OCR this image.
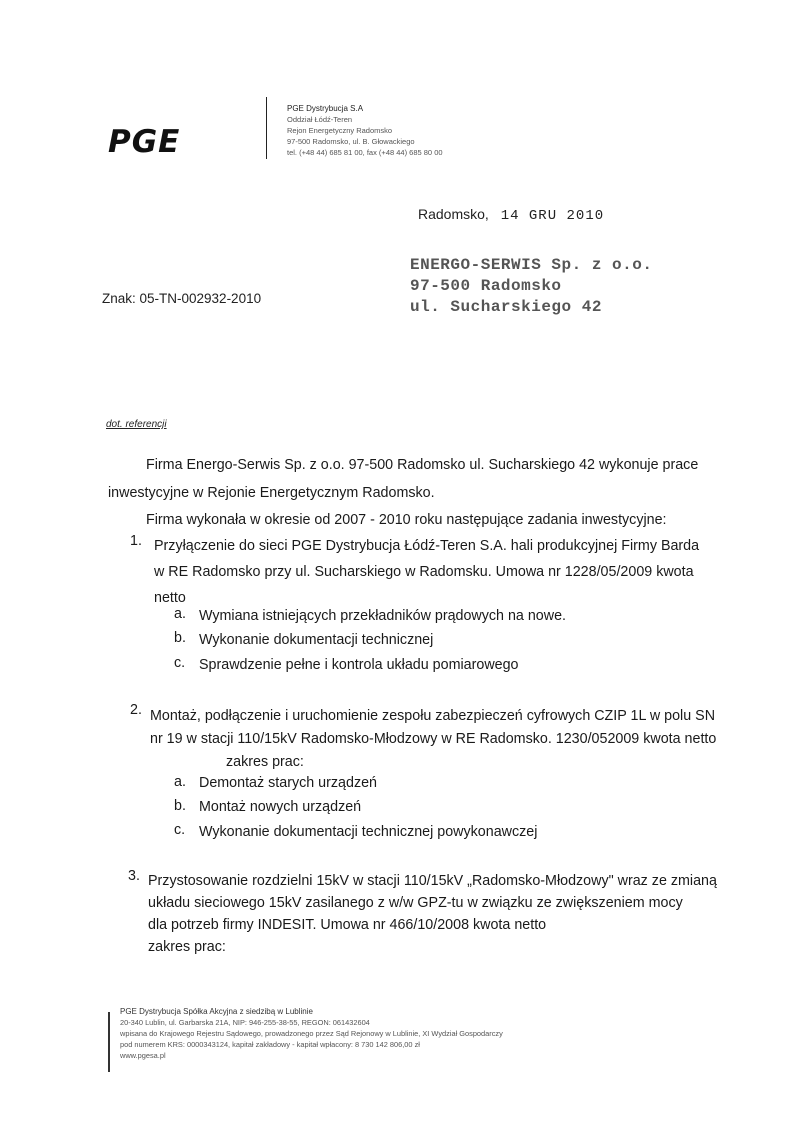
PGE
PGE Dystrybucja S.A
Oddział Łódź-Teren
Rejon Energetyczny Radomsko
97-500 Radomsko, ul. B. Głowackiego
tel. (+48 44) 685 81 00, fax (+48 44) 685 80 00
Radomsko, 14 GRU 2010
ENERGO-SERWIS Sp. z o.o.
97-500 Radomsko
ul. Sucharskiego 42
Znak: 05-TN-002932-2010
dot. referencji
Firma Energo-Serwis Sp. z o.o. 97-500 Radomsko ul. Sucharskiego 42 wykonuje prace
inwestycyjne w Rejonie Energetycznym Radomsko.
Firma wykonała w okresie od 2007 - 2010 roku następujące zadania inwestycyjne:
1. Przyłączenie do sieci PGE Dystrybucja Łódź-Teren S.A. hali produkcyjnej Firmy Barda
w RE Radomsko przy ul. Sucharskiego w Radomsku. Umowa nr 1228/05/2009 kwota
netto
a. Wymiana istniejących przekładników prądowych na nowe.
b. Wykonanie dokumentacji technicznej
c. Sprawdzenie pełne i kontrola układu pomiarowego
2. Montaż, podłączenie i uruchomienie zespołu zabezpieczeń cyfrowych CZIP 1L w polu SN
nr 19 w stacji 110/15kV Radomsko-Młodzowy w RE Radomsko. 1230/052009 kwota netto
zakres prac:
a. Demontaż starych urządzeń
b. Montaż nowych urządzeń
c. Wykonanie dokumentacji technicznej powykonawczej
3. Przystosowanie rozdzielni 15kV w stacji 110/15kV „Radomsko-Młodzowy" wraz ze zmianą
układu sieciowego 15kV zasilanego z w/w GPZ-tu w związku ze zwiększeniem mocy
dla potrzeb firmy INDESIT. Umowa nr 466/10/2008 kwota netto
zakres prac:
PGE Dystrybucja Spółka Akcyjna z siedzibą w Lublinie
20-340 Lublin, ul. Garbarska 21A, NIP: 946-255-38-55, REGON: 061432604
wpisana do Krajowego Rejestru Sądowego, prowadzonego przez Sąd Rejonowy w Lublinie, XI Wydział Gospodarczy
pod numerem KRS: 0000343124, kapitał zakładowy - kapitał wpłacony: 8 730 142 806,00 zł
www.pgesa.pl
